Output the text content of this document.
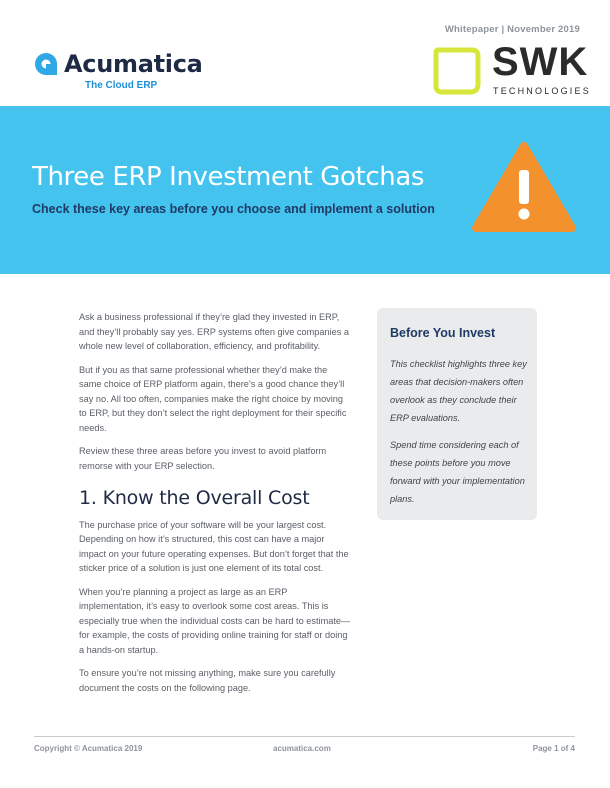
Acumatica
The Cloud ERP
Whitepaper | November 2019
SWK
TECHNOLOGIES
Three ERP Investment Gotchas
Check these key areas before you choose and implement a solution

Ask a business professional if they’re glad they invested in ERP, and they’ll probably say yes. ERP systems often give companies a whole new level of collaboration, efficiency, and profitability.

But if you as that same professional whether they’d make the same choice of ERP platform again, there’s a good chance they’ll say no. All too often, companies make the right choice by moving to ERP, but they don’t select the right deployment for their specific needs.

Review these three areas before you invest to avoid platform remorse with your ERP selection.

1. Know the Overall Cost

The purchase price of your software will be your largest cost. Depending on how it’s structured, this cost can have a major impact on your future operating expenses. But don’t forget that the sticker price of a solution is just one element of its total cost.

When you’re planning a project as large as an ERP implementation, it’s easy to overlook some cost areas. This is especially true when the individual costs can be hard to estimate—for example, the costs of providing online training for staff or doing a hands-on startup.

To ensure you’re not missing anything, make sure you carefully document the costs on the following page.

Before You Invest

This checklist highlights three key areas that decision-makers often overlook as they conclude their ERP evaluations.

Spend time considering each of these points before you move forward with your implementation plans.

Copyright © Acumatica 2019	acumatica.com	Page 1 of 4
